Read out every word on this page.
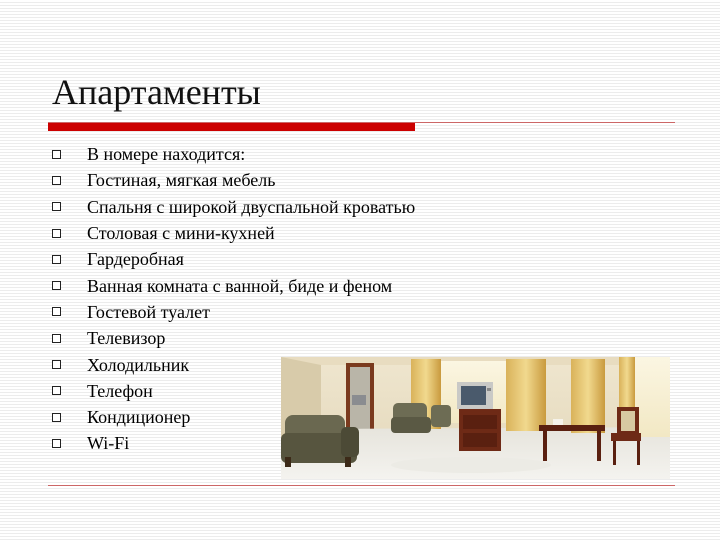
Апартаменты
В номере находится:
Гостиная, мягкая мебель
Спальня с широкой двуспальной кроватью
Столовая с мини-кухней
Гардеробная
Ванная комната с ванной, биде и феном
Гостевой туалет
Телевизор
Холодильник
Телефон
Кондиционер
Wi-Fi
